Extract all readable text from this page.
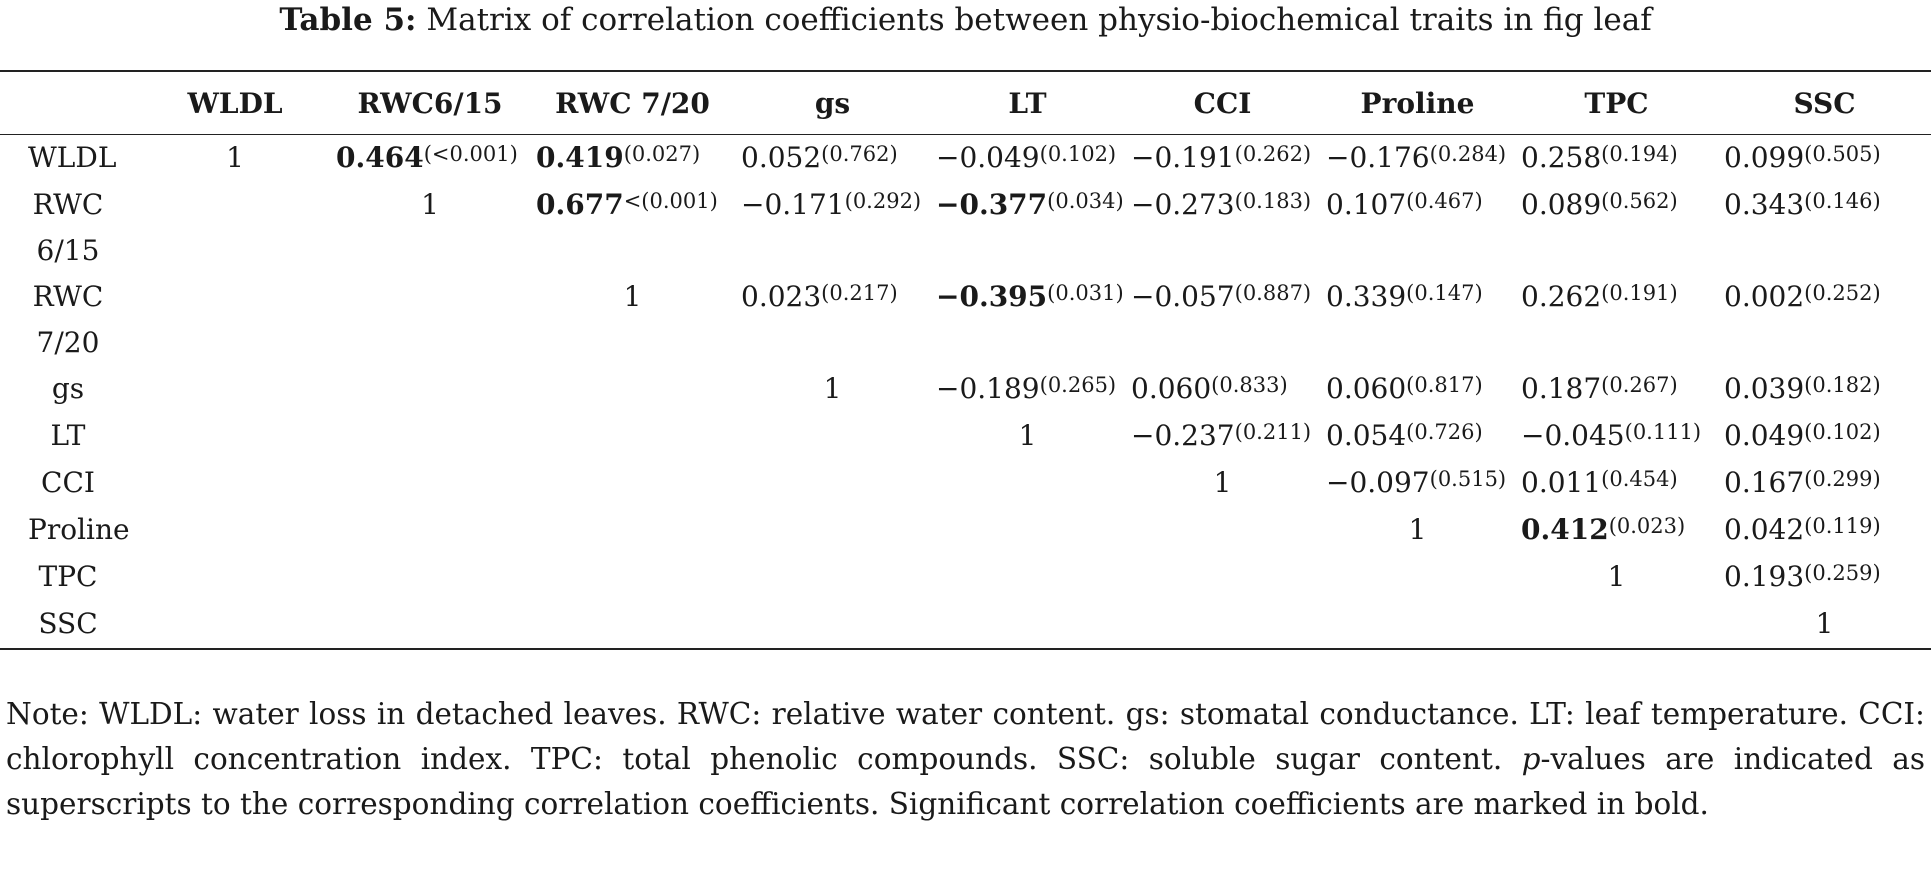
Table 5: Matrix of correlation coefficients between physio-biochemical traits in fig leaf
	WLDL	RWC6/15	RWC 7/20	gs	LT	CCI	Proline	TPC	SSC
WLDL	1	$0.464^{(<0.001)}$	$0.419^{(0.027)}$	$0.052^{(0.762)}$	$-0.049^{(0.102)}$	$-0.191^{(0.262)}$	$-0.176^{(0.284)}$	$0.258^{(0.194)}$	$0.099^{(0.505)}$
RWC 6/15		1	$0.677^{<(0.001)}$	$-0.171^{(0.292)}$	$-0.377^{(0.034)}$	$-0.273^{(0.183)}$	$0.107^{(0.467)}$	$0.089^{(0.562)}$	$0.343^{(0.146)}$
RWC 7/20			1	$0.023^{(0.217)}$	$-0.395^{(0.031)}$	$-0.057^{(0.887)}$	$0.339^{(0.147)}$	$0.262^{(0.191)}$	$0.002^{(0.252)}$
gs				1	$-0.189^{(0.265)}$	$0.060^{(0.833)}$	$0.060^{(0.817)}$	$0.187^{(0.267)}$	$0.039^{(0.182)}$
LT					1	$-0.237^{(0.211)}$	$0.054^{(0.726)}$	$-0.045^{(0.111)}$	$0.049^{(0.102)}$
CCI						1	$-0.097^{(0.515)}$	$0.011^{(0.454)}$	$0.167^{(0.299)}$
Proline							1	$0.412^{(0.023)}$	$0.042^{(0.119)}$
TPC								1	$0.193^{(0.259)}$
SSC									1
Note: WLDL: water loss in detached leaves. RWC: relative water content. gs: stomatal conductance. LT: leaf temperature. CCI: chlorophyll concentration index. TPC: total phenolic compounds. SSC: soluble sugar content. p-values are indicated as superscripts to the corresponding correlation coefficients. Significant correlation coefficients are marked in bold.
